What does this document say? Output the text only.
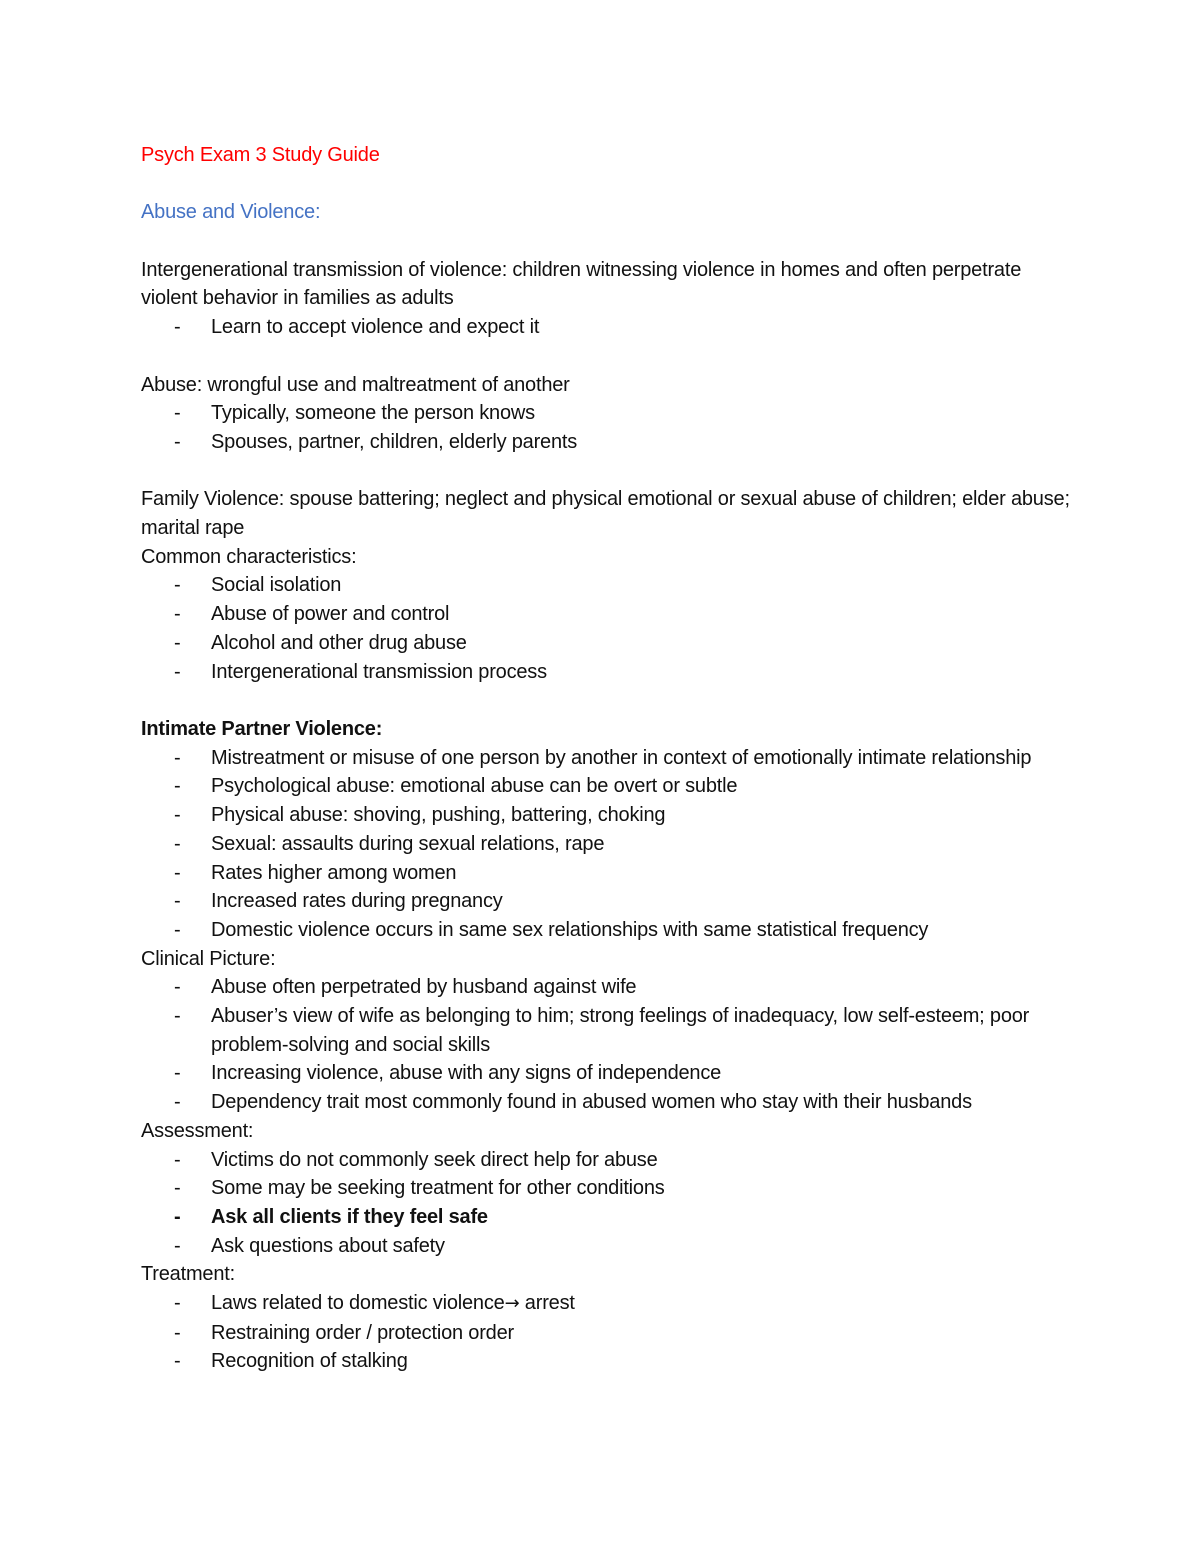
Psych Exam 3 Study Guide

Abuse and Violence:

Intergenerational transmission of violence: children witnessing violence in homes and often perpetrate violent behavior in families as adults

- Learn to accept violence and expect it

Abuse: wrongful use and maltreatment of another

- Typically, someone the person knows
- Spouses, partner, children, elderly parents

Family Violence: spouse battering; neglect and physical emotional or sexual abuse of children; elder abuse; marital rape

Common characteristics:

- Social isolation
- Abuse of power and control
- Alcohol and other drug abuse
- Intergenerational transmission process

Intimate Partner Violence:

- Mistreatment or misuse of one person by another in context of emotionally intimate relationship
- Psychological abuse: emotional abuse can be overt or subtle
- Physical abuse: shoving, pushing, battering, choking
- Sexual: assaults during sexual relations, rape
- Rates higher among women
- Increased rates during pregnancy
- Domestic violence occurs in same sex relationships with same statistical frequency

Clinical Picture:

- Abuse often perpetrated by husband against wife
- Abuser’s view of wife as belonging to him; strong feelings of inadequacy, low self-esteem; poor problem-solving and social skills
- Increasing violence, abuse with any signs of independence
- Dependency trait most commonly found in abused women who stay with their husbands

Assessment:

- Victims do not commonly seek direct help for abuse
- Some may be seeking treatment for other conditions
- Ask all clients if they feel safe
- Ask questions about safety

Treatment:

- Laws related to domestic violence→ arrest
- Restraining order / protection order
- Recognition of stalking
